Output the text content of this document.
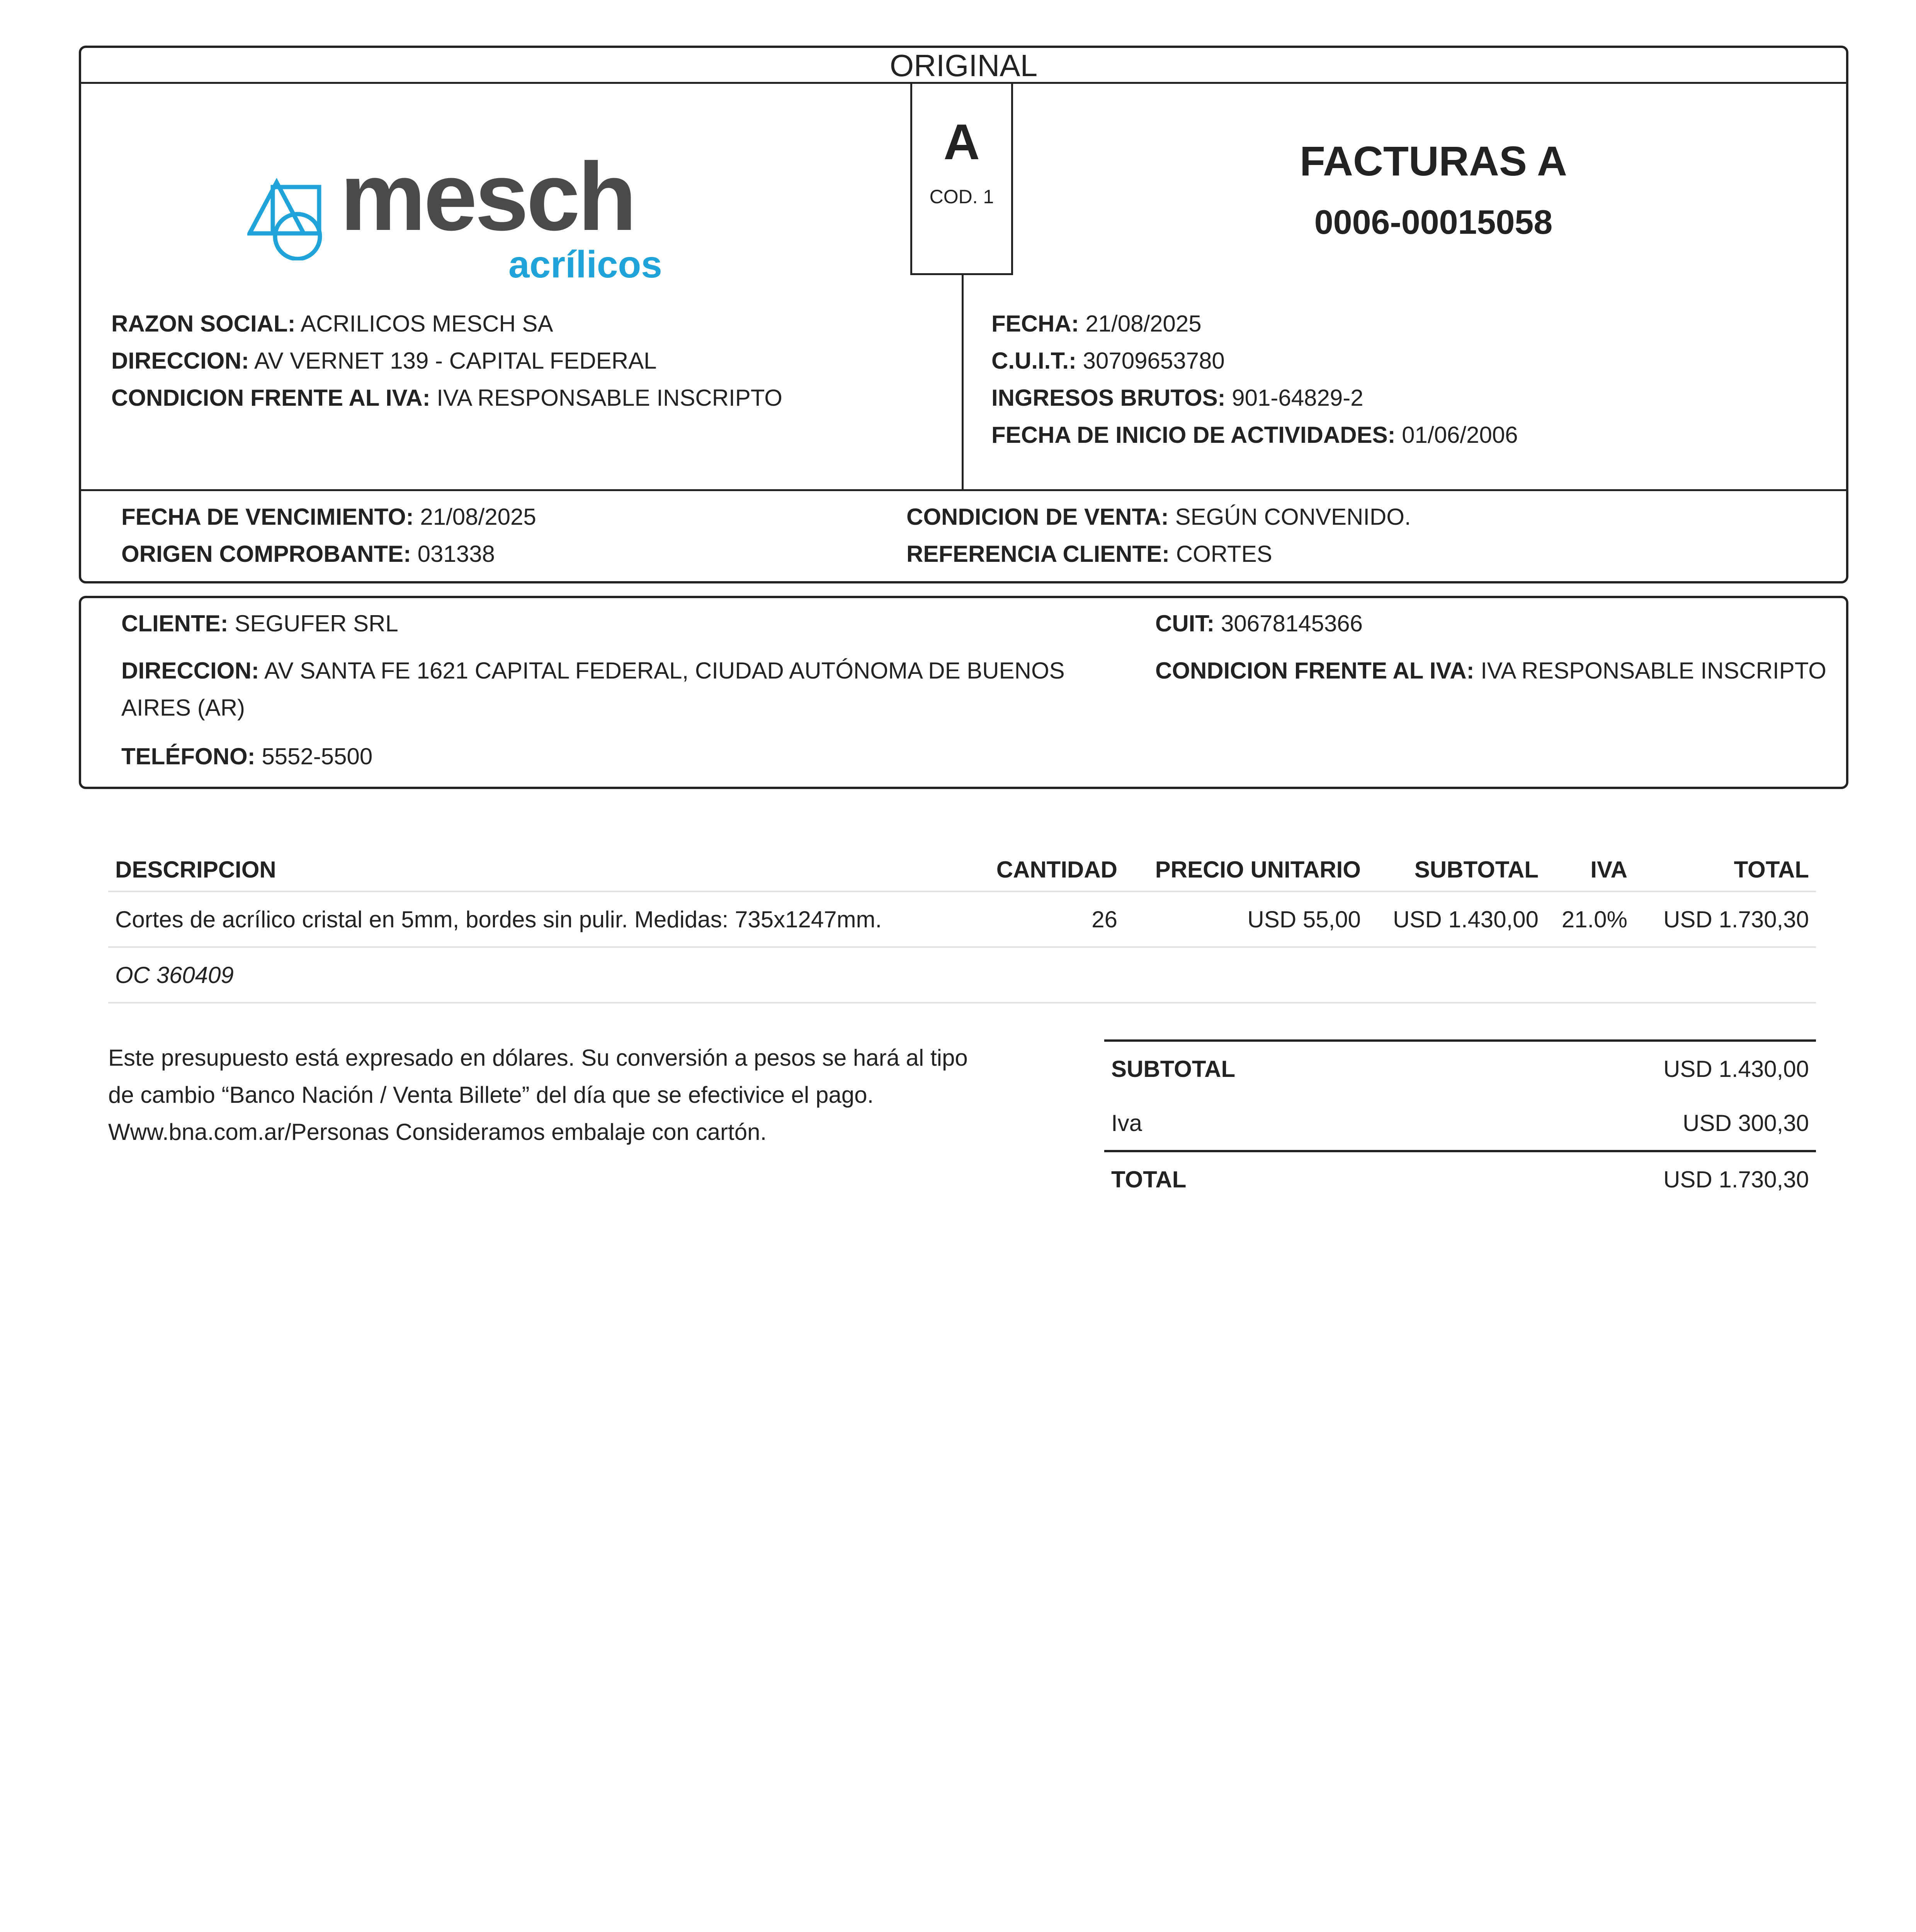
ORIGINAL
A
COD. 1
mesch
acrílicos
FACTURAS A
0006-00015058
RAZON SOCIAL: ACRILICOS MESCH SA
DIRECCION: AV VERNET 139 - CAPITAL FEDERAL
CONDICION FRENTE AL IVA: IVA RESPONSABLE INSCRIPTO
FECHA: 21/08/2025
C.U.I.T.: 30709653780
INGRESOS BRUTOS: 901-64829-2
FECHA DE INICIO DE ACTIVIDADES: 01/06/2006
FECHA DE VENCIMIENTO: 21/08/2025
ORIGEN COMPROBANTE: 031338
CONDICION DE VENTA: SEGÚN CONVENIDO.
REFERENCIA CLIENTE: CORTES
CLIENTE: SEGUFER SRL
DIRECCION: AV SANTA FE 1621 CAPITAL FEDERAL, CIUDAD AUTÓNOMA DE BUENOS
AIRES (AR)
TELÉFONO: 5552-5500
CUIT: 30678145366
CONDICION FRENTE AL IVA: IVA RESPONSABLE INSCRIPTO
DESCRIPCION	CANTIDAD	PRECIO UNITARIO	SUBTOTAL	IVA	TOTAL
Cortes de acrílico cristal en 5mm, bordes sin pulir. Medidas: 735x1247mm.	26	USD 55,00	USD 1.430,00	21.0%	USD 1.730,30
OC 360409					
Este presupuesto está expresado en dólares. Su conversión a pesos se hará al tipo
de cambio “Banco Nación / Venta Billete” del día que se efectivice el pago.
Www.bna.com.ar/Personas Consideramos embalaje con cartón.
SUBTOTAL	USD 1.430,00
Iva	USD 300,30
TOTAL	USD 1.730,30
